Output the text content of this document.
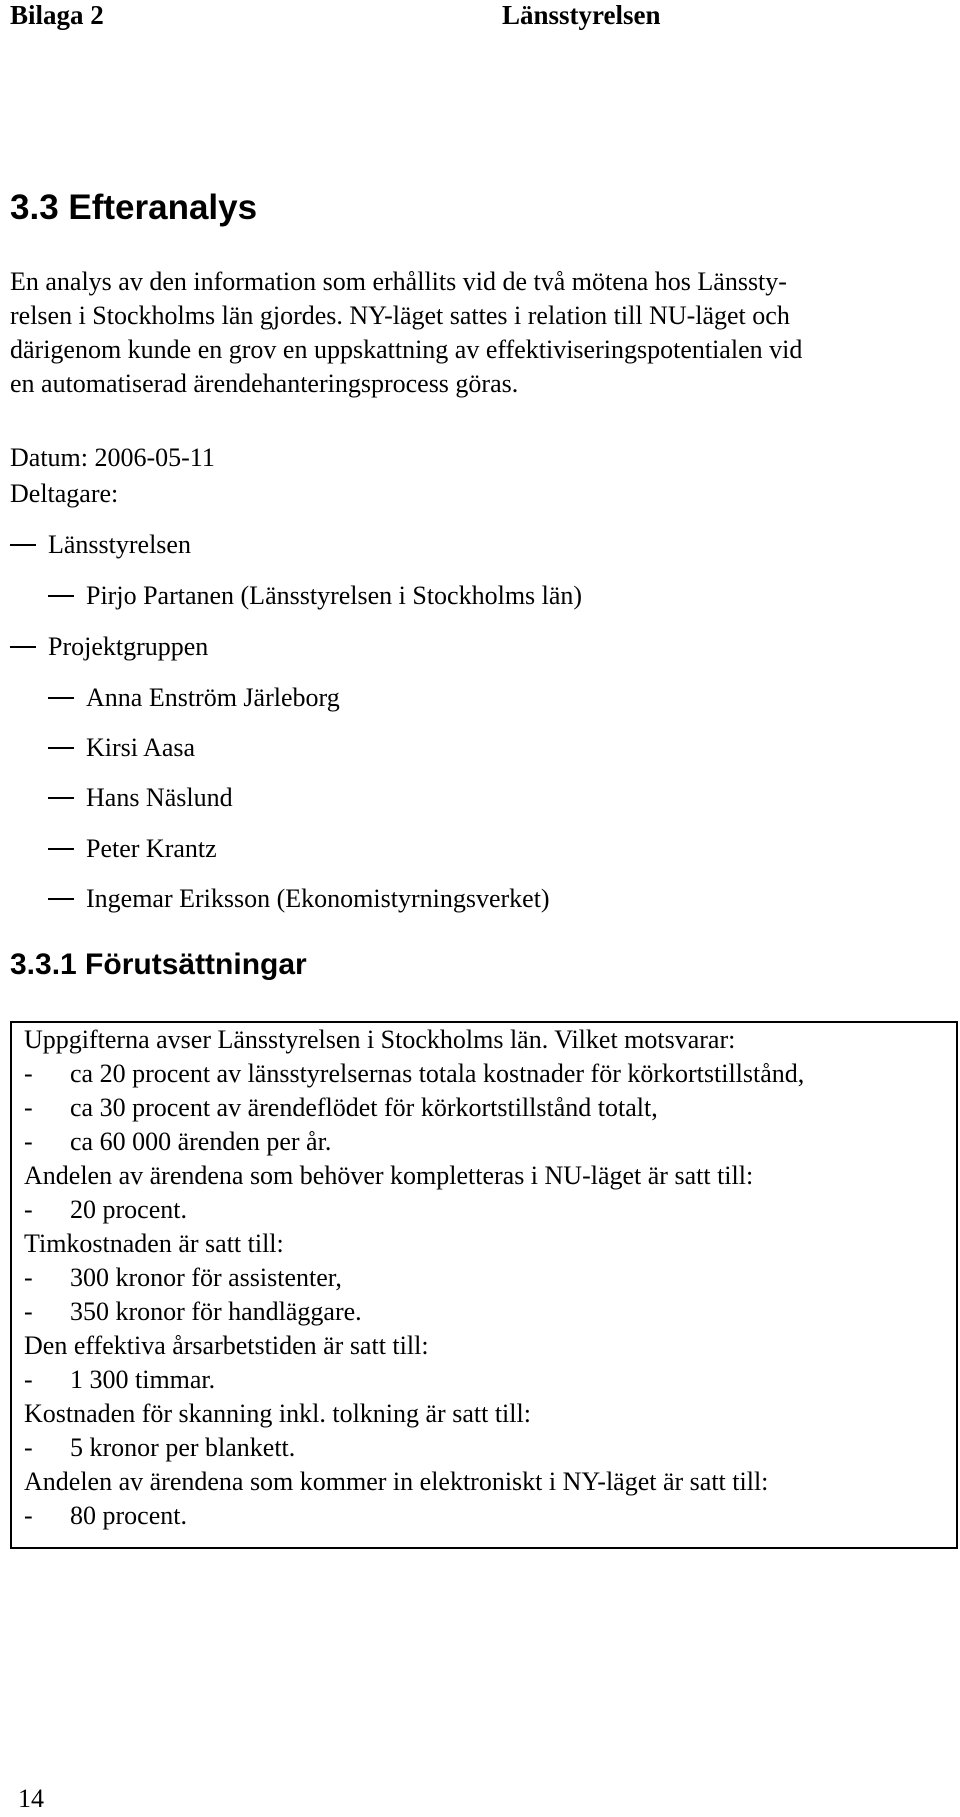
Bilaga 2	Länsstyrelsen
3.3 Efteranalys
En analys av den information som erhållits vid de två mötena hos Länssty-
relsen i Stockholms län gjordes. NY-läget sattes i relation till NU-läget och
därigenom kunde en grov en uppskattning av effektiviseringspotentialen vid
en automatiserad ärendehanteringsprocess göras.
Datum: 2006-05-11
Deltagare:
Länsstyrelsen
Pirjo Partanen (Länsstyrelsen i Stockholms län)
Projektgruppen
Anna Enström Järleborg
Kirsi Aasa
Hans Näslund
Peter Krantz
Ingemar Eriksson (Ekonomistyrningsverket)
3.3.1 Förutsättningar
Uppgifterna avser Länsstyrelsen i Stockholms län. Vilket motsvarar:
- ca 20 procent av länsstyrelsernas totala kostnader för körkortstillstånd,
- ca 30 procent av ärendeflödet för körkortstillstånd totalt,
- ca 60 000 ärenden per år.
Andelen av ärendena som behöver kompletteras i NU-läget är satt till:
- 20 procent.
Timkostnaden är satt till:
- 300 kronor för assistenter,
- 350 kronor för handläggare.
Den effektiva årsarbetstiden är satt till:
- 1 300 timmar.
Kostnaden för skanning inkl. tolkning är satt till:
- 5 kronor per blankett.
Andelen av ärendena som kommer in elektroniskt i NY-läget är satt till:
- 80 procent.
14
